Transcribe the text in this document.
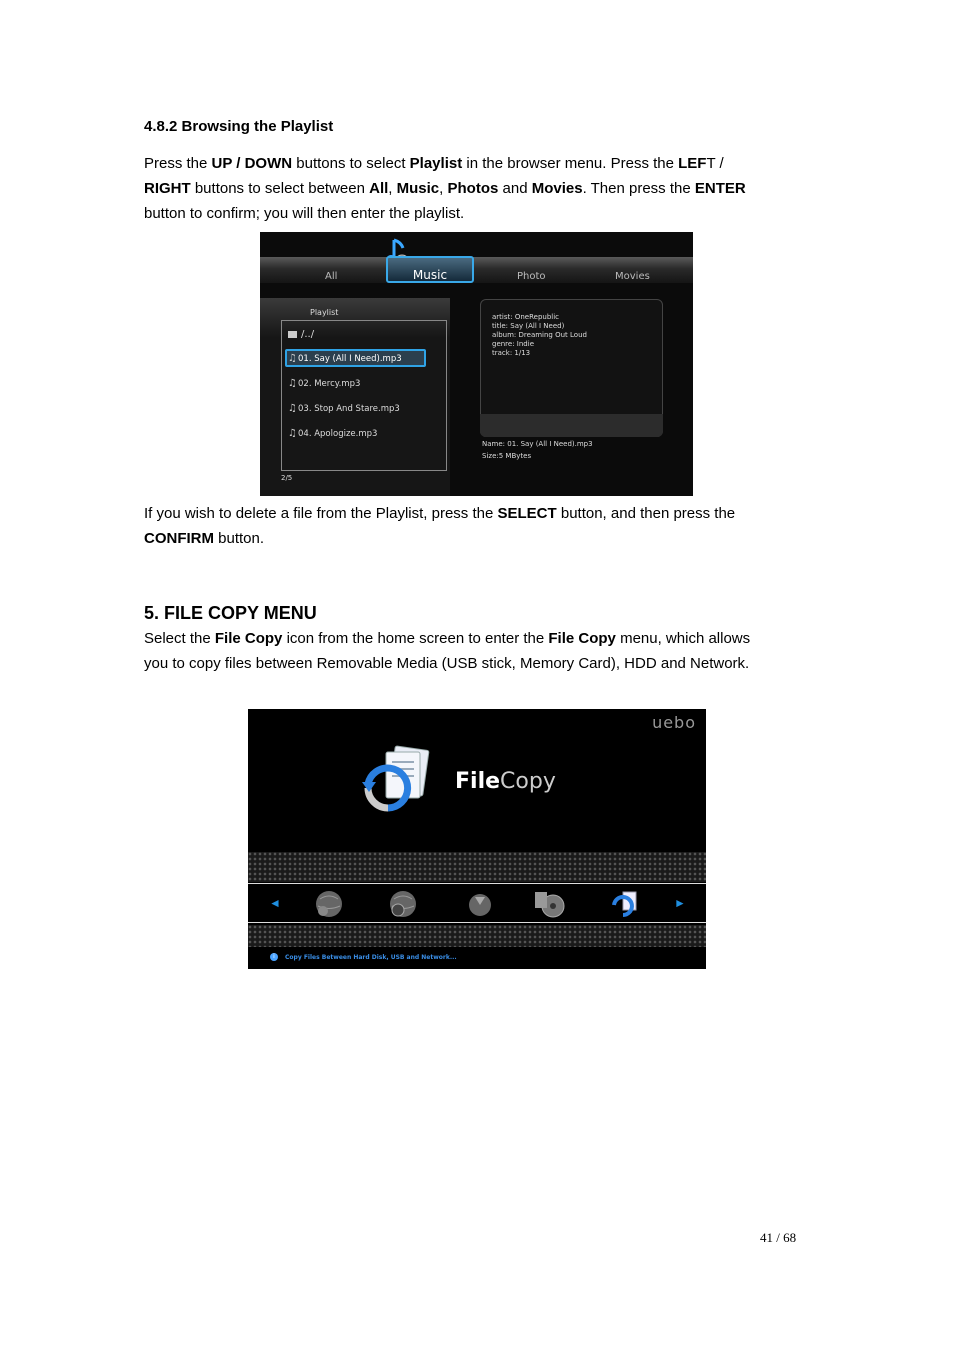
4.8.2 Browsing the Playlist
Press the UP / DOWN buttons to select Playlist in the browser menu. Press the LEFT /
RIGHT buttons to select between All, Music, Photos and Movies. Then press the ENTER
button to confirm; you will then enter the playlist.
All	Music	Photo	Movies
Playlist
/../
♫01. Say (All I Need).mp3
♫02. Mercy.mp3
♫03. Stop And Stare.mp3
♫04. Apologize.mp3
2/5
artist: OneRepublic
title: Say (All I Need)
album: Dreaming Out Loud
genre: Indie
track: 1/13
Name: 01. Say (All I Need).mp3
Size:5 MBytes
If you wish to delete a file from the Playlist, press the SELECT button, and then press the
CONFIRM button.
5. FILE COPY MENU
Select the File Copy icon from the home screen to enter the File Copy menu, which allows
you to copy files between Removable Media (USB stick, Memory Card), HDD and Network.
uebo
FileCopy
◄	►
i	Copy Files Between Hard Disk, USB and Network...
41 / 68
